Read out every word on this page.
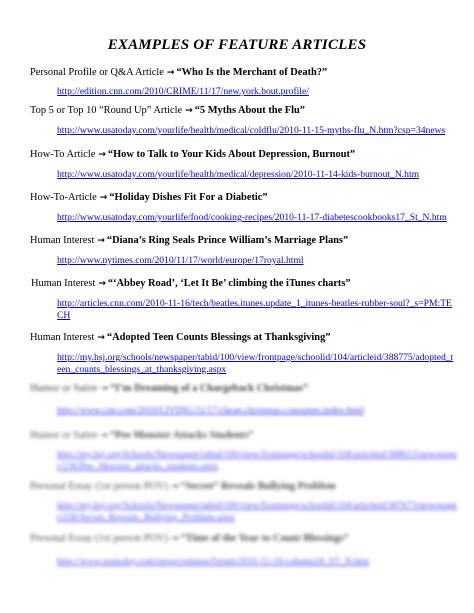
EXAMPLES OF FEATURE ARTICLES
Personal Profile or Q&A Article → “Who Is the Merchant of Death?”
http://edition.cnn.com/2010/CRIME/11/17/new.york.bout.profile/
Top 5 or Top 10 “Round Up” Article → “5 Myths About the Flu”
http://www.usatoday.com/yourlife/health/medical/coldflu/2010-11-15-myths-flu_N.htm?csp=34news
How-To Article → “How to Talk to Your Kids About Depression, Burnout”
http://www.usatoday.com/yourlife/health/medical/depression/2010-11-14-kids-burnout_N.htm
How-To-Article → “Holiday Dishes Fit For a Diabetic”
http://www.usatoday.com/yourlife/food/cooking-recipes/2010-11-17-diabetescookbooks17_St_N.htm
Human Interest → “Diana’s Ring Seals Prince William’s Marriage Plans”
http://www.nytimes.com/2010/11/17/world/europe/17royal.html
Human Interest → “‘Abbey Road’, ‘Let It Be’ climbing the iTunes charts”
http://articles.cnn.com/2010-11-16/tech/beatles.itunes.update_1_itunes-beatles-rubber-soul?_s=PM:TECH
Human Interest → “Adopted Teen Counts Blessings at Thanksgiving”
http://my.hsj.org/schools/newspaper/tabid/100/view/frontpage/schoolid/104/articleid/388775/adopted_teen_counts_blessings_at_thanksgiving.aspx
Humor or Satire → “I’m Dreaming of a Chargeback Christmas”
http://www.cnn.com/2010/LIVING/11/17/cheap.christmas.consumer.index.html
Humor or Satire → “Pee Monster Attacks Students”
http://my.hsj.org/Schools/Newspaper/tabid/100/view/frontpage/schoolid/104/articleid/388613/newspaper/236/Pee_Monster_attacks_students.aspx
Personal Essay (1st person POV) → “Secret” Reveals Bullying Problem
http://my.hsj.org/Schools/Newspaper/tabid/100/view/frontpage/schoolid/104/articleid/387673/newspaper/236/Secret_Reveals_Bullying_Problem.aspx
Personal Essay (1st person POV) → “Time of the Year to Count Blessings”
http://www.usatoday.com/news/opinion/forum/2010-11-24-column24_ST_N.htm
